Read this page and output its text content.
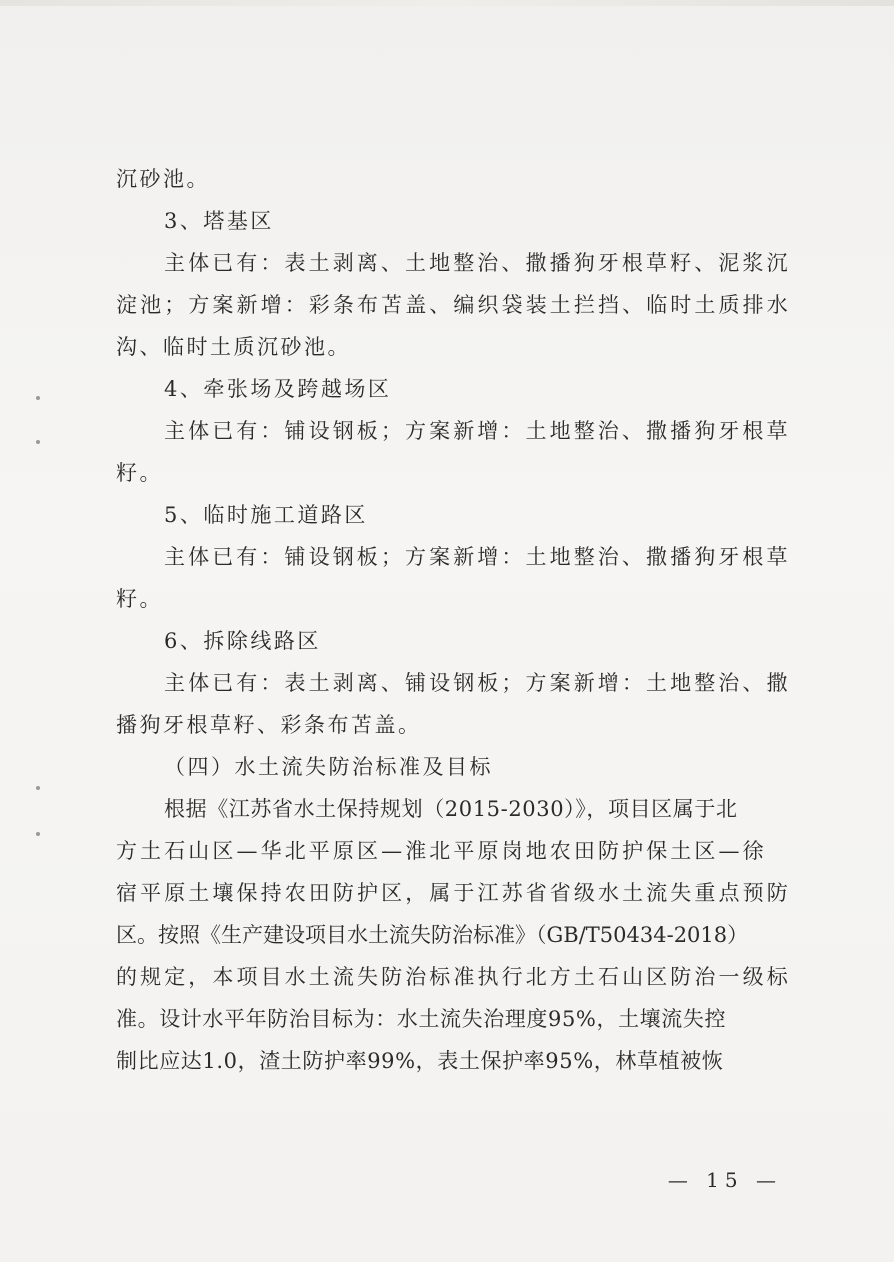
沉砂池。
3、塔基区
主体已有：表土剥离、土地整治、撒播狗牙根草籽、泥浆沉
淀池；方案新增：彩条布苫盖、编织袋装土拦挡、临时土质排水
沟、临时土质沉砂池。
4、牵张场及跨越场区
主体已有：铺设钢板；方案新增：土地整治、撒播狗牙根草
籽。
5、临时施工道路区
主体已有：铺设钢板；方案新增：土地整治、撒播狗牙根草
籽。
6、拆除线路区
主体已有：表土剥离、铺设钢板；方案新增：土地整治、撒
播狗牙根草籽、彩条布苫盖。
（四）水土流失防治标准及目标
根据《江苏省水土保持规划（2015-2030）》，项目区属于北
方土石山区—华北平原区—淮北平原岗地农田防护保土区—徐
宿平原土壤保持农田防护区，属于江苏省省级水土流失重点预防
区。按照《生产建设项目水土流失防治标准》（GB/T50434-2018）
的规定，本项目水土流失防治标准执行北方土石山区防治一级标
准。设计水平年防治目标为：水土流失治理度95%，土壤流失控
制比应达1.0，渣土防护率99%，表土保护率95%，林草植被恢
— 15 —
